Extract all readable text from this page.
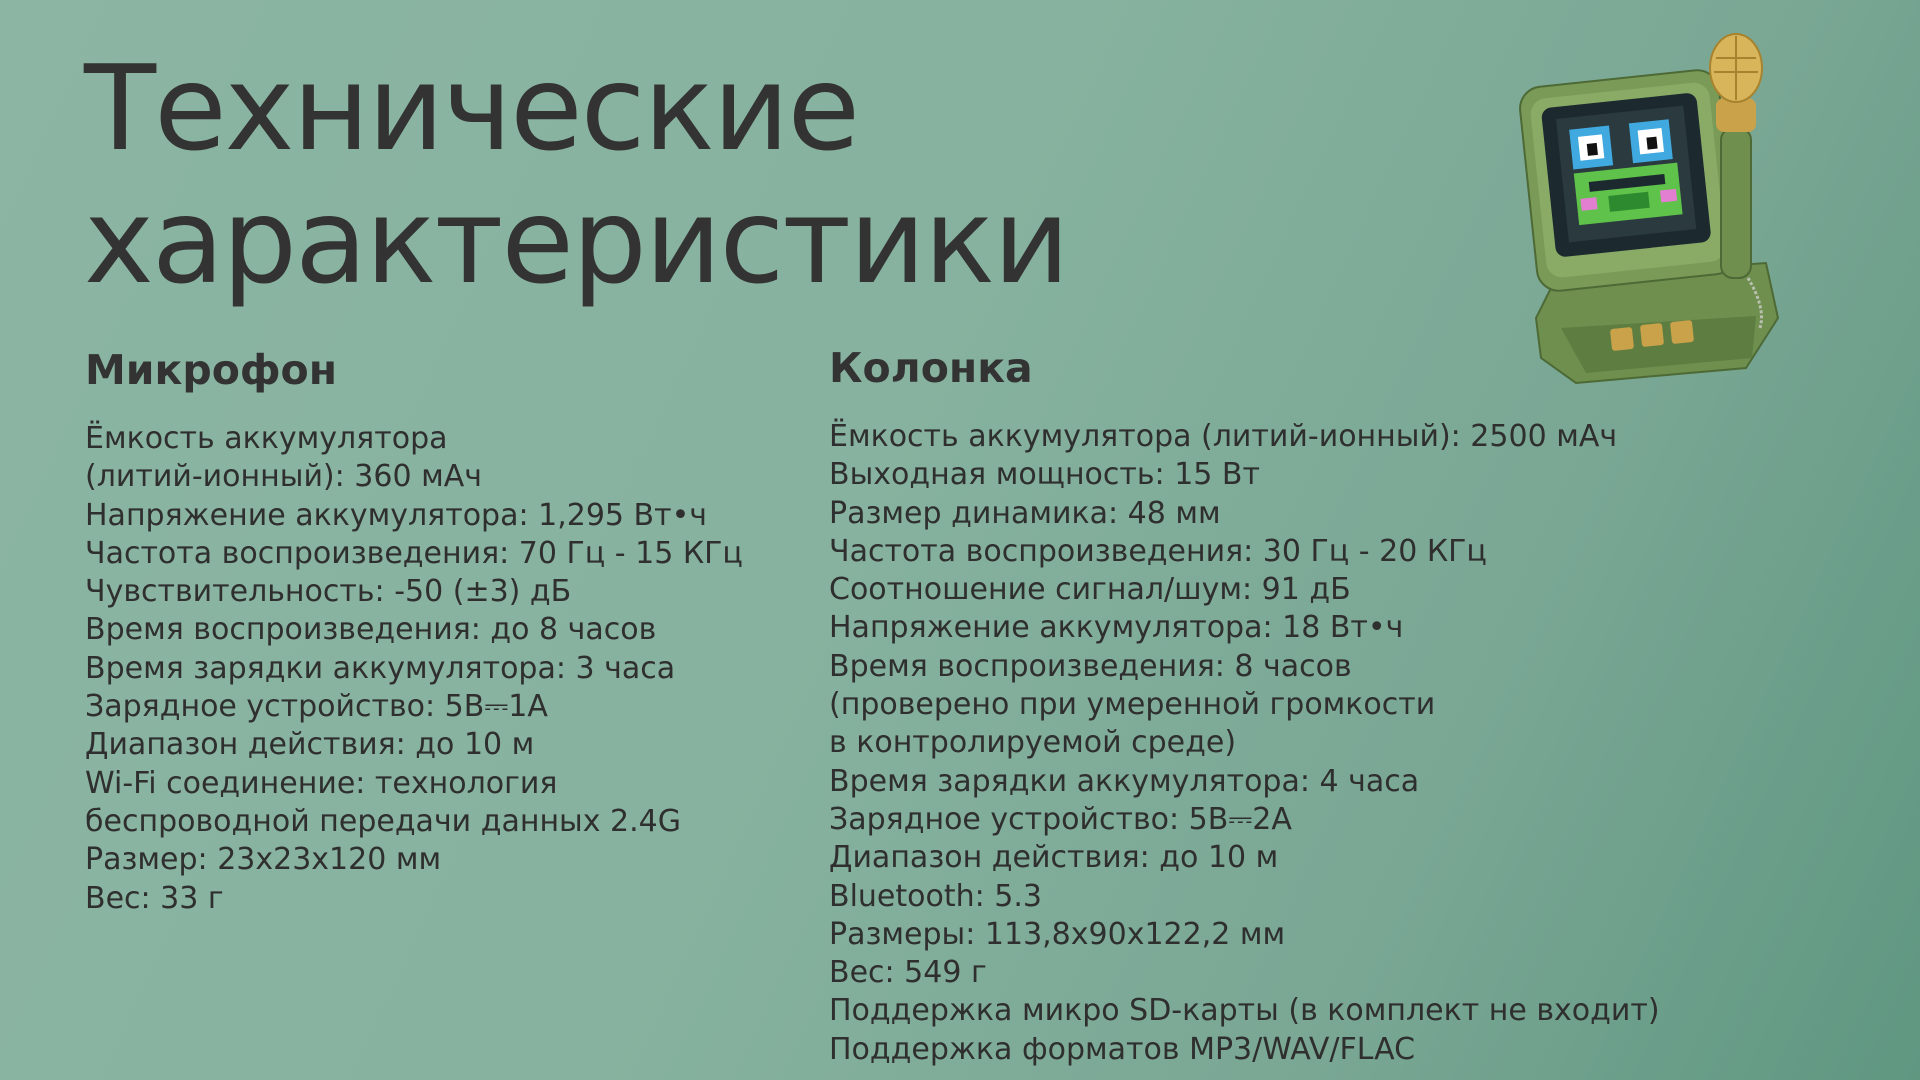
Технические
характеристики
Микрофон
Ёмкость аккумулятора
(литий-ионный): 360 мАч
Напряжение аккумулятора: 1,295 Вт•ч
Частота воспроизведения: 70 Гц - 15 КГц
Чувствительность: -50 (±3) дБ
Время воспроизведения: до 8 часов
Время зарядки аккумулятора: 3 часа
Зарядное устройство: 5В⎓1А
Диапазон действия: до 10 м
Wi-Fi соединение: технология
беспроводной передачи данных 2.4G
Размер: 23х23х120 мм
Вес: 33 г
Колонка
Ёмкость аккумулятора (литий-ионный): 2500 мАч
Выходная мощность: 15 Вт
Размер динамика: 48 мм
Частота воспроизведения: 30 Гц - 20 КГц
Соотношение сигнал/шум: 91 дБ
Напряжение аккумулятора: 18 Вт•ч
Время воспроизведения: 8 часов
(проверено при умеренной громкости
в контролируемой среде)
Время зарядки аккумулятора: 4 часа
Зарядное устройство: 5В⎓2А
Диапазон действия: до 10 м
Bluetooth: 5.3
Размеры: 113,8х90х122,2 мм
Вес: 549 г
Поддержка микро SD-карты (в комплект не входит)
Поддержка форматов MP3/WAV/FLAC
